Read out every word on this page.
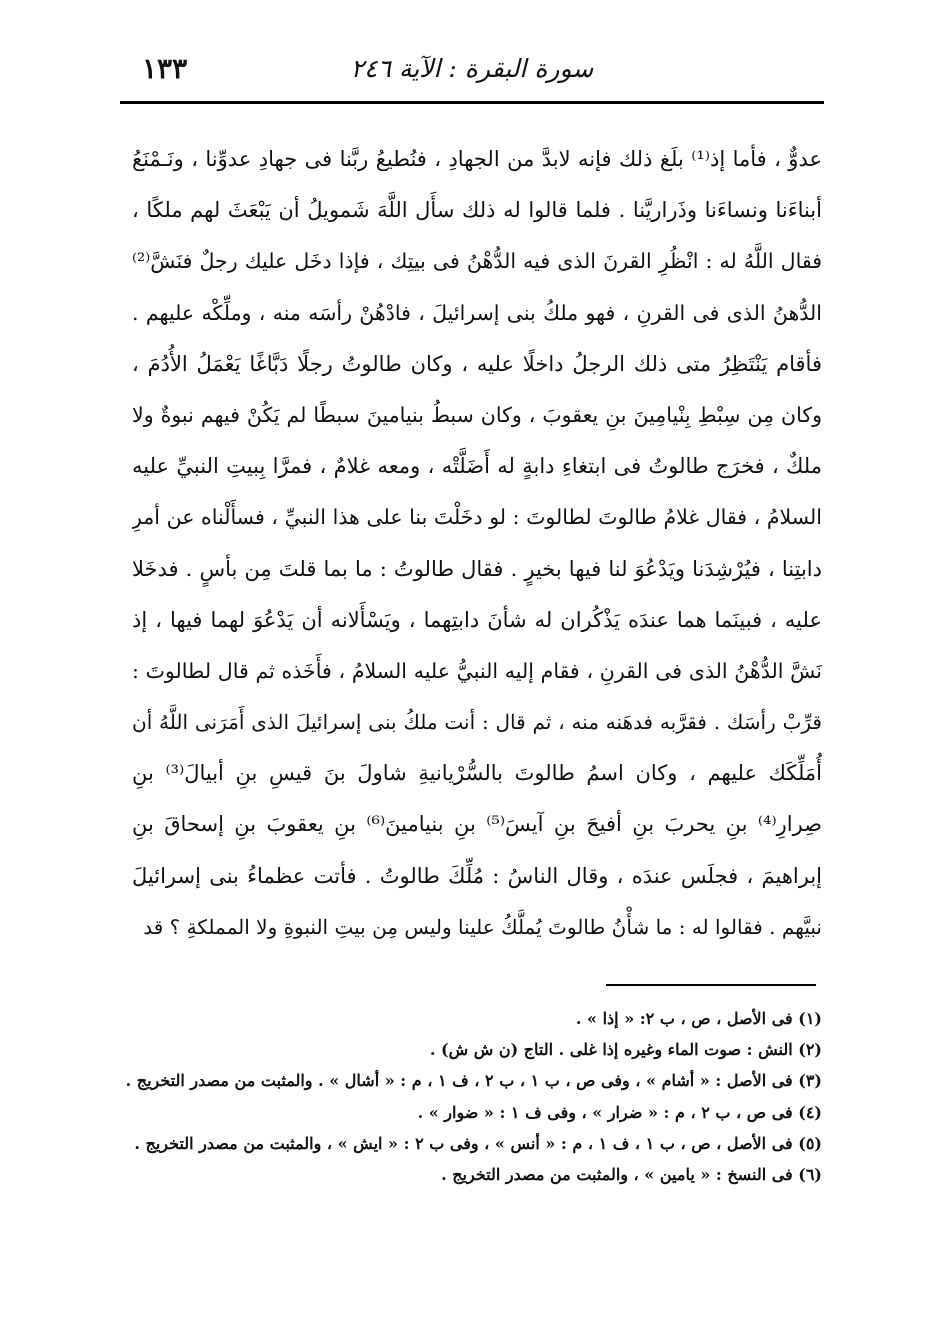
سورة البقرة : الآية ٢٤٦
١٣٣
عدوٌّ ، فأما إذ⁽¹⁾ بلَغ ذلك فإنه لابدَّ من الجهادِ ، فنُطيعُ ربَّنا فى جهادِ عدوِّنا ، ونَـمْنَعُ
أبناءَنا ونساءَنا وذَراريَّنا . فلما قالوا له ذلك سأَل اللَّهَ شَمويلُ أن يَبْعَثَ لهم ملكًا ،
فقال اللَّهُ له : انْظُرِ القرنَ الذى فيه الدُّهْنُ فى بيتِك ، فإذا دخَل عليك رجلٌ فنَشَّ⁽²⁾
الدُّهنُ الذى فى القرنِ ، فهو ملكُ بنى إسرائيلَ ، فادْهُنْ رأسَه منه ، وملِّكْه عليهم .
فأقام يَنْتَظِرُ متى ذلك الرجلُ داخلًا عليه ، وكان طالوتُ رجلًا دَبَّاغًا يَعْمَلُ الأُدُمَ ،
وكان مِن سِبْطِ بِنْيامِينَ بنِ يعقوبَ ، وكان سبطُ بنيامينَ سبطًا لم يَكُنْ فيهم نبوةٌ ولا
ملكٌ ، فخرَج طالوتُ فى ابتغاءِ دابةٍ له أَضَلَّتْه ، ومعه غلامٌ ، فمرَّا بِبيتِ النبيِّ عليه
السلامُ ، فقال غلامُ طالوتَ لطالوتَ : لو دخَلْتَ بنا على هذا النبيِّ ، فسأَلْناه عن أمرِ
دابتِنا ، فيُرْشِدَنا ويَدْعُوَ لنا فيها بخيرٍ . فقال طالوتُ : ما بما قلتَ مِن بأسٍ . فدخَلا
عليه ، فبينَما هما عندَه يَذْكُران له شأنَ دابتِهما ، ويَسْأَلانه أن يَدْعُوَ لهما فيها ، إذ
نَشَّ الدُّهْنُ الذى فى القرنِ ، فقام إليه النبيُّ عليه السلامُ ، فأَخَذه ثم قال لطالوتَ :
قرِّبْ رأسَك . فقرَّبه فدهَنه منه ، ثم قال : أنت ملكُ بنى إسرائيلَ الذى أَمَرَنى اللَّهُ أن
أُمَلِّكَك عليهم ، وكان اسمُ طالوتَ بالسُّرْيانيةِ شاولَ بنَ قيسِ بنِ أبيالَ⁽³⁾ بنِ
صِرارِ⁽⁴⁾ بنِ يحربَ بنِ أفيحَ بنِ آيسَ⁽⁵⁾ بنِ بنيامينَ⁽⁶⁾ بنِ يعقوبَ بنِ إسحاقَ بنِ
إبراهيمَ ، فجلَس عندَه ، وقال الناسُ : مُلِّكَ طالوتُ . فأتت عظماءُ بنى إسرائيلَ
نبيَّهم . فقالوا له : ما شأْنُ طالوتَ يُملَّكُ علينا وليس مِن بيتِ النبوةِ ولا المملكةِ ؟ قد
(١) فى الأصل ، ص ، ب ٢: « إذا » .
(٢) النش : صوت الماء وغيره إذا غلى . التاج (ن ش ش) .
(٣) فى الأصل : « أشام » ، وفى ص ، ب ١ ، ب ٢ ، ف ١ ، م : « أشال » . والمثبت من مصدر التخريج .
(٤) فى ص ، ب ٢ ، م : « ضرار » ، وفى ف ١ : « ضوار » .
(٥) فى الأصل ، ص ، ب ١ ، ف ١ ، م : « أنس » ، وفى ب ٢ : « ايش » ، والمثبت من مصدر التخريج .
(٦) فى النسخ : « يامين » ، والمثبت من مصدر التخريج .
